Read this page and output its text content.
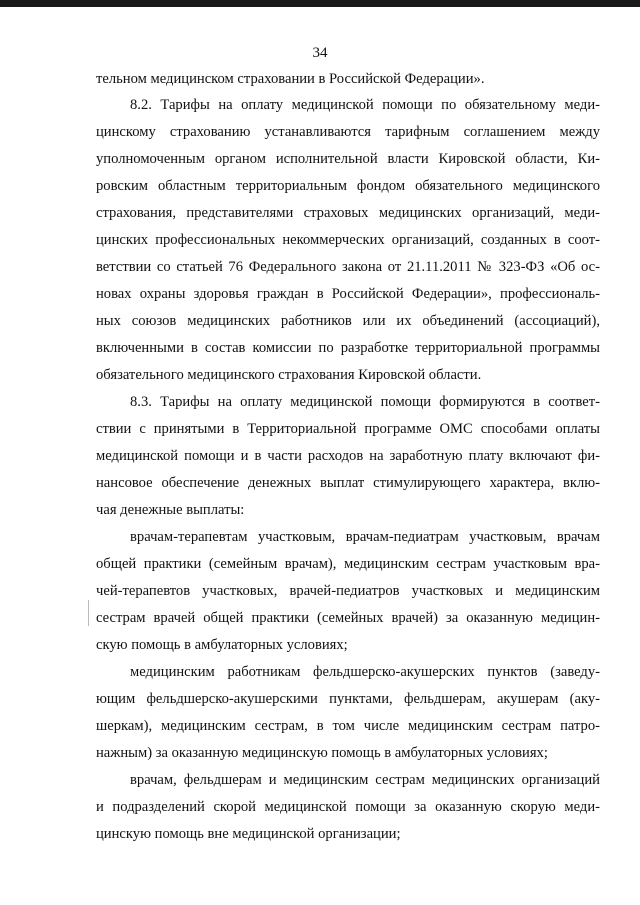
34
тельном медицинском страховании в Российской Федерации».
8.2. Тарифы на оплату медицинской помощи по обязательному меди-
цинскому страхованию устанавливаются тарифным соглашением между
уполномоченным органом исполнительной власти Кировской области, Ки-
ровским областным территориальным фондом обязательного медицинского
страхования, представителями страховых медицинских организаций, меди-
цинских профессиональных некоммерческих организаций, созданных в соот-
ветствии со статьей 76 Федерального закона от 21.11.2011 № 323-ФЗ «Об ос-
новах охраны здоровья граждан в Российской Федерации», профессиональ-
ных союзов медицинских работников или их объединений (ассоциаций),
включенными в состав комиссии по разработке территориальной программы
обязательного медицинского страхования Кировской области.
8.3. Тарифы на оплату медицинской помощи формируются в соответ-
ствии с принятыми в Территориальной программе ОМС способами оплаты
медицинской помощи и в части расходов на заработную плату включают фи-
нансовое обеспечение денежных выплат стимулирующего характера, вклю-
чая денежные выплаты:
врачам-терапевтам участковым, врачам-педиатрам участковым, врачам
общей практики (семейным врачам), медицинским сестрам участковым вра-
чей-терапевтов участковых, врачей-педиатров участковых и медицинским
сестрам врачей общей практики (семейных врачей) за оказанную медицин-
скую помощь в амбулаторных условиях;
медицинским работникам фельдшерско-акушерских пунктов (заведу-
ющим фельдшерско-акушерскими пунктами, фельдшерам, акушерам (аку-
шеркам), медицинским сестрам, в том числе медицинским сестрам патро-
нажным) за оказанную медицинскую помощь в амбулаторных условиях;
врачам, фельдшерам и медицинским сестрам медицинских организаций
и подразделений скорой медицинской помощи за оказанную скорую меди-
цинскую помощь вне медицинской организации;
